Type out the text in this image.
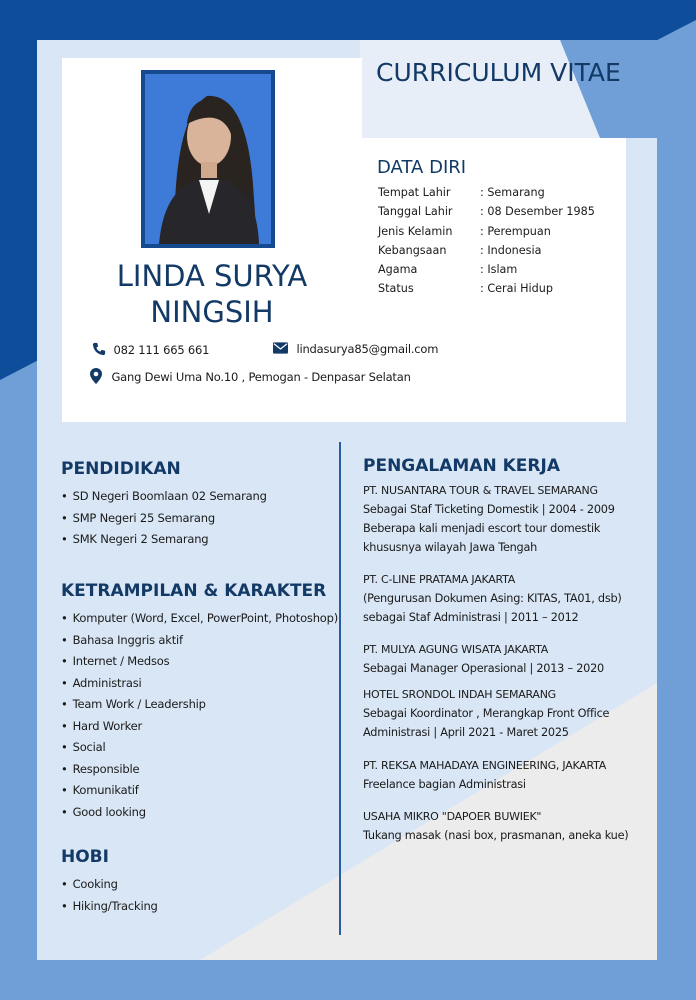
CURRICULUM VITAE
LINDA SURYA
NINGSIH
082 111 665 661	lindasurya85@gmail.com
Gang Dewi Uma No.10 , Pemogan - Denpasar Selatan
DATA DIRI
Tempat Lahir	: Semarang
Tanggal Lahir : 08 Desember 1985
Jenis Kelamin : Perempuan
Kebangsaan	: Indonesia
Agama	: Islam
Status	: Cerai Hidup
PENDIDIKAN
• SD Negeri Boomlaan 02 Semarang
• SMP Negeri 25 Semarang
• SMK Negeri 2 Semarang
KETRAMPILAN & KARAKTER
• Komputer (Word, Excel, PowerPoint, Photoshop)
• Bahasa Inggris aktif
• Internet / Medsos
• Administrasi
• Team Work / Leadership
• Hard Worker
• Social
• Responsible
• Komunikatif
• Good looking
HOBI
• Cooking
• Hiking/Tracking
PENGALAMAN KERJA

PT. NUSANTARA TOUR & TRAVEL SEMARANG

Sebagai Staf Ticketing Domestik | 2004 - 2009

Beberapa kali menjadi escort tour domestik

khususnya wilayah Jawa Tengah

PT. C-LINE PRATAMA JAKARTA

(Pengurusan Dokumen Asing: KITAS, TA01, dsb)

sebagai Staf Administrasi | 2011 – 2012

PT. MULYA AGUNG WISATA JAKARTA

Sebagai Manager Operasional | 2013 – 2020

HOTEL SRONDOL INDAH SEMARANG

Sebagai Koordinator , Merangkap Front Office

Administrasi | April 2021 - Maret 2025

PT. REKSA MAHADAYA ENGINEERING, JAKARTA

Freelance bagian Administrasi

USAHA MIKRO "DAPOER BUWIEK"

Tukang masak (nasi box, prasmanan, aneka kue)
